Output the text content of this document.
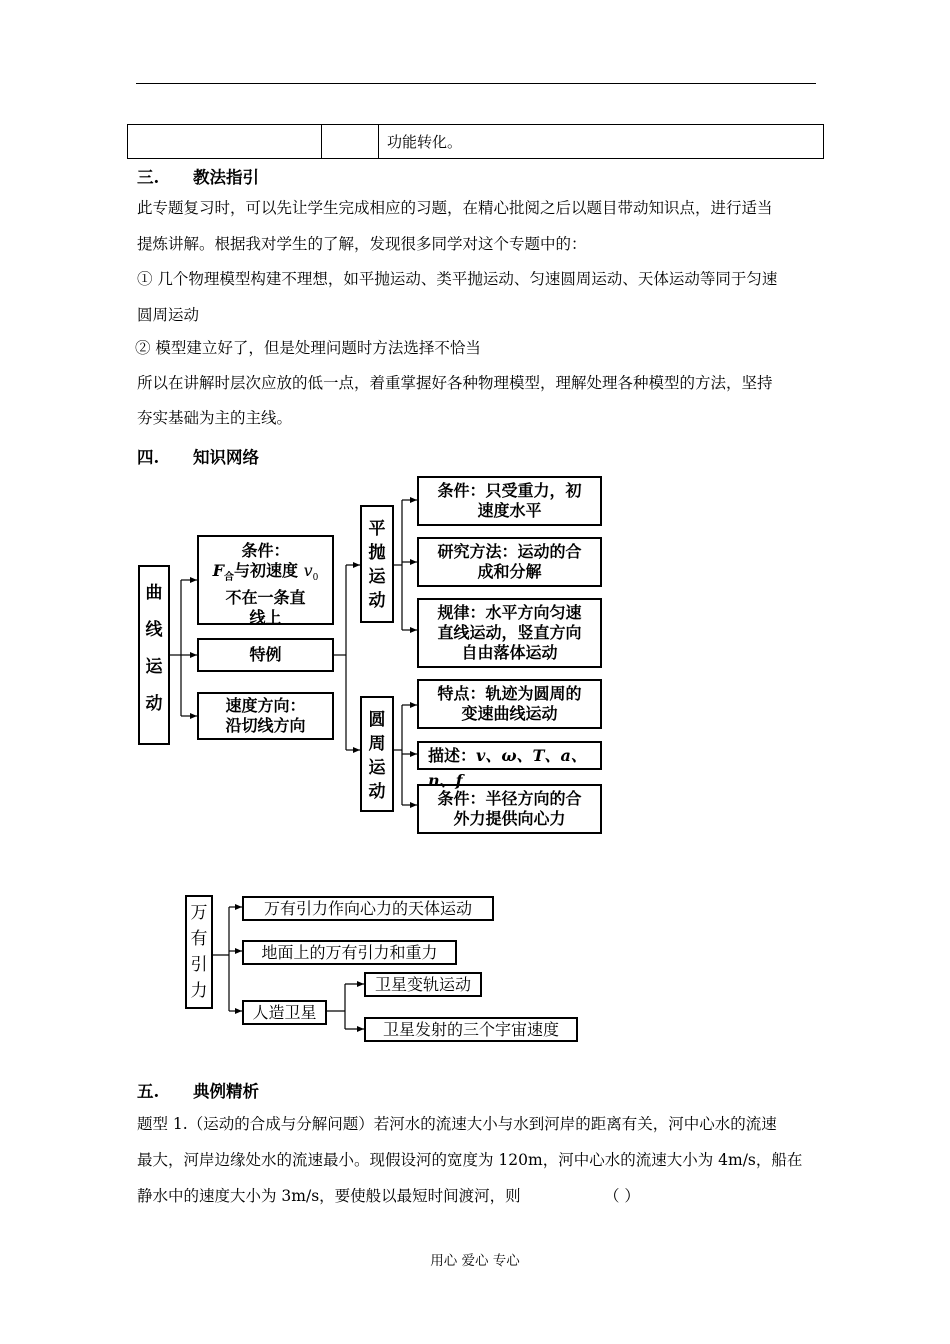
		功能转化。
三. 教法指引
此专题复习时，可以先让学生完成相应的习题，在精心批阅之后以题目带动知识点，进行适当
提炼讲解。根据我对学生的了解，发现很多同学对这个专题中的：
① 几个物理模型构建不理想，如平抛运动、类平抛运动、匀速圆周运动、天体运动等同于匀速
圆周运动
② 模型建立好了，但是处理问题时方法选择不恰当
所以在讲解时层次应放的低一点，着重掌握好各种物理模型，理解处理各种模型的方法，坚持
夯实基础为主的主线。
四. 知识网络
曲
线
运
动
条件：
$F_合$与初速度 $v_0$
不在一条直
线上
特例
速度方向：
沿切线方向
平
抛
运
动
圆
周
运
动
条件：只受重力，初
速度水平
研究方法：运动的合
成和分解
规律：水平方向匀速
直线运动，竖直方向
自由落体运动
特点：轨迹为圆周的
变速曲线运动
描述：v、ω、T、a、n、f
条件：半径方向的合
外力提供向心力
万
有
引
力
万有引力作向心力的天体运动
地面上的万有引力和重力
人造卫星
卫星变轨运动
卫星发射的三个宇宙速度
五. 典例精析
题型 1.（运动的合成与分解问题）若河水的流速大小与水到河岸的距离有关，河中心水的流速
最大，河岸边缘处水的流速最小。现假设河的宽度为 120m，河中心水的流速大小为 4m/s，船在
静水中的速度大小为 3m/s，要使般以最短时间渡河，则	（ ）
用心 爱心 专心
